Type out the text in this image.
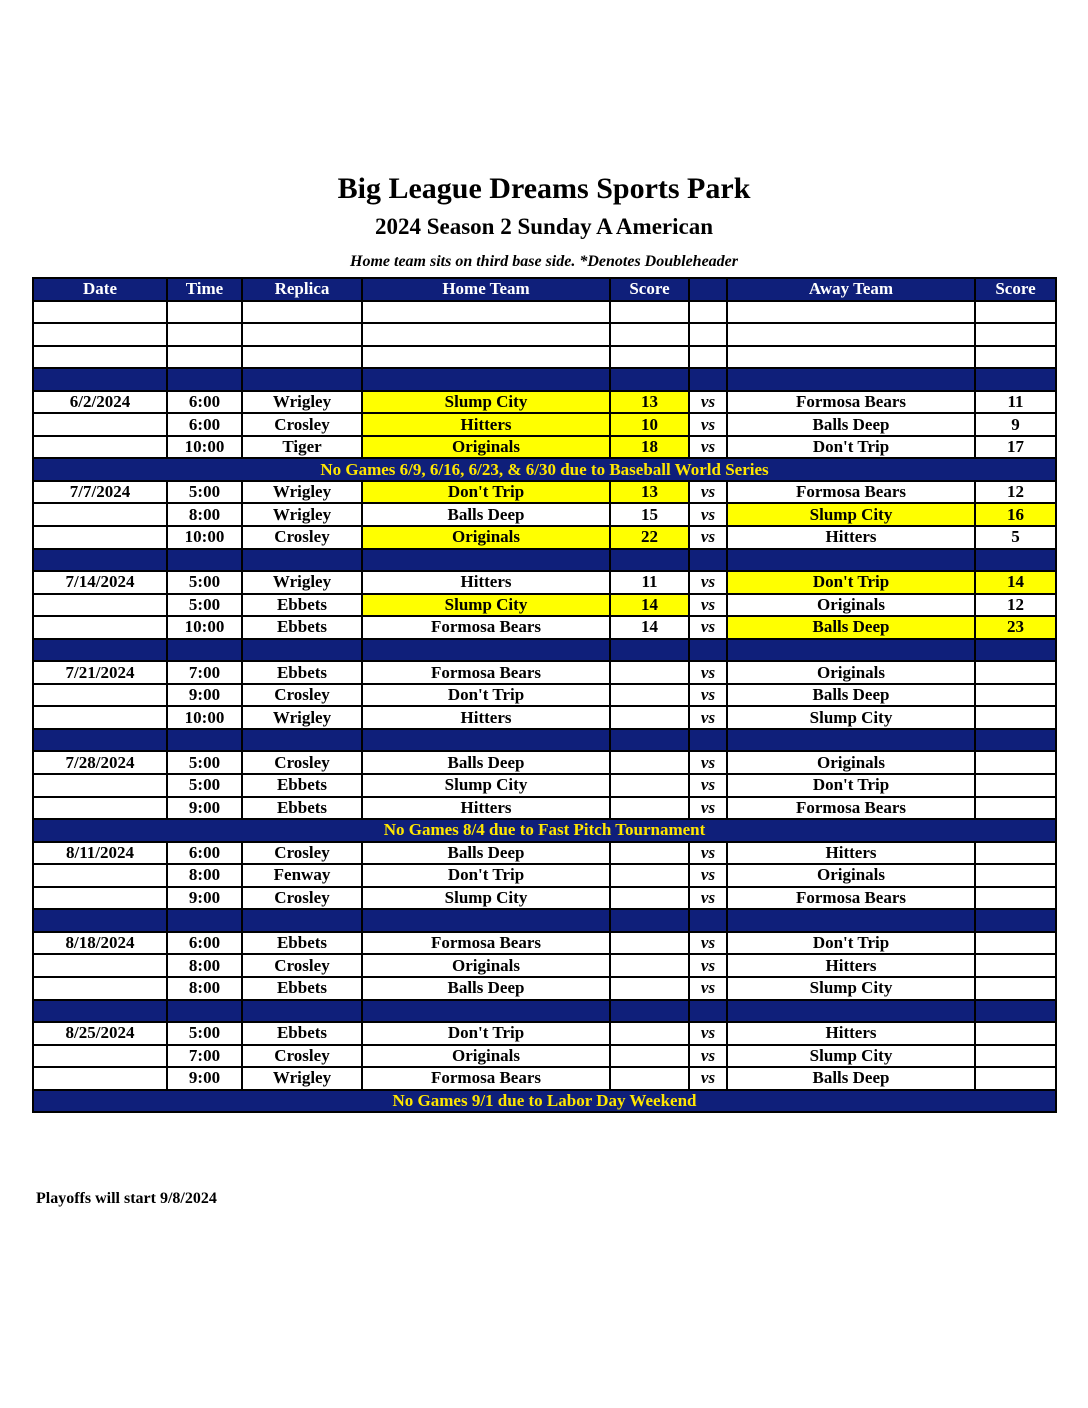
Big League Dreams Sports Park
2024 Season 2 Sunday A American
Home team sits on third base side. *Denotes Doubleheader
Date	Time	Replica	Home Team	Score		Away Team	Score

6/2/2024	6:00	Wrigley	Slump City	13	vs	Formosa Bears	11
	6:00	Crosley	Hitters	10	vs	Balls Deep	9
	10:00	Tiger	Originals	18	vs	Don't Trip	17
No Games 6/9, 6/16, 6/23, & 6/30 due to Baseball World Series							
7/7/2024	5:00	Wrigley	Don't Trip	13	vs	Formosa Bears	12
	8:00	Wrigley	Balls Deep	15	vs	Slump City	16
	10:00	Crosley	Originals	22	vs	Hitters	5

7/14/2024	5:00	Wrigley	Hitters	11	vs	Don't Trip	14
	5:00	Ebbets	Slump City	14	vs	Originals	12
	10:00	Ebbets	Formosa Bears	14	vs	Balls Deep	23

7/21/2024	7:00	Ebbets	Formosa Bears		vs	Originals	
	9:00	Crosley	Don't Trip		vs	Balls Deep	
	10:00	Wrigley	Hitters		vs	Slump City	

7/28/2024	5:00	Crosley	Balls Deep		vs	Originals	
	5:00	Ebbets	Slump City		vs	Don't Trip	
	9:00	Ebbets	Hitters		vs	Formosa Bears	
No Games 8/4 due to Fast Pitch Tournament							
8/11/2024	6:00	Crosley	Balls Deep		vs	Hitters	
	8:00	Fenway	Don't Trip		vs	Originals	
	9:00	Crosley	Slump City		vs	Formosa Bears	

8/18/2024	6:00	Ebbets	Formosa Bears		vs	Don't Trip	
	8:00	Crosley	Originals		vs	Hitters	
	8:00	Ebbets	Balls Deep		vs	Slump City	

8/25/2024	5:00	Ebbets	Don't Trip		vs	Hitters	
	7:00	Crosley	Originals		vs	Slump City	
	9:00	Wrigley	Formosa Bears		vs	Balls Deep	
No Games 9/1 due to Labor Day Weekend							
Playoffs will start 9/8/2024
